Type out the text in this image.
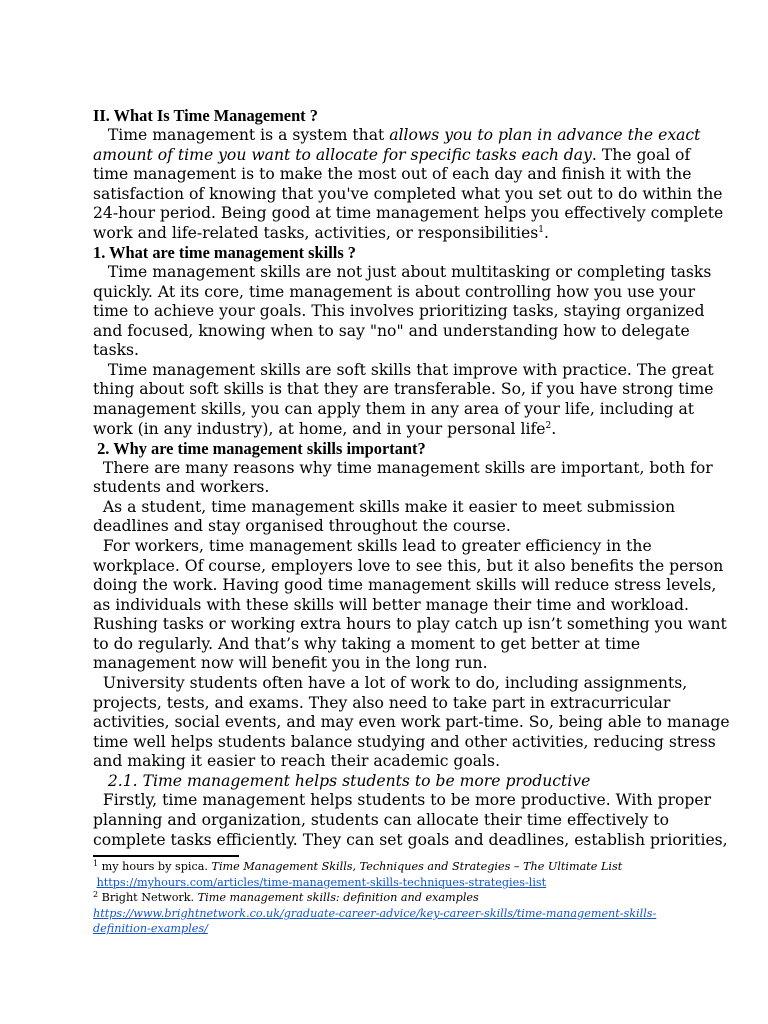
II. What Is Time Management ?
Time management is a system that allows you to plan in advance the exact
amount of time you want to allocate for specific tasks each day. The goal of
time management is to make the most out of each day and finish it with the
satisfaction of knowing that you've completed what you set out to do within the
24-hour period. Being good at time management helps you effectively complete
work and life-related tasks, activities, or responsibilities$^1$.
1. What are time management skills ?
Time management skills are not just about multitasking or completing tasks
quickly. At its core, time management is about controlling how you use your
time to achieve your goals. This involves prioritizing tasks, staying organized
and focused, knowing when to say "no" and understanding how to delegate
tasks.
Time management skills are soft skills that improve with practice. The great
thing about soft skills is that they are transferable. So, if you have strong time
management skills, you can apply them in any area of your life, including at
work (in any industry), at home, and in your personal life$^2$.
2. Why are time management skills important?
There are many reasons why time management skills are important, both for
students and workers.
As a student, time management skills make it easier to meet submission
deadlines and stay organised throughout the course.
For workers, time management skills lead to greater efficiency in the
workplace. Of course, employers love to see this, but it also benefits the person
doing the work. Having good time management skills will reduce stress levels,
as individuals with these skills will better manage their time and workload.
Rushing tasks or working extra hours to play catch up isn’t something you want
to do regularly. And that’s why taking a moment to get better at time
management now will benefit you in the long run.
University students often have a lot of work to do, including assignments,
projects, tests, and exams. They also need to take part in extracurricular
activities, social events, and may even work part-time. So, being able to manage
time well helps students balance studying and other activities, reducing stress
and making it easier to reach their academic goals.
2.1. Time management helps students to be more productive
Firstly, time management helps students to be more productive. With proper
planning and organization, students can allocate their time effectively to
complete tasks efficiently. They can set goals and deadlines, establish priorities,
$^1$ my hours by spica. Time Management Skills, Techniques and Strategies – The Ultimate List
https://myhours.com/articles/time-management-skills-techniques-strategies-list
$^2$ Bright Network. Time management skills: definition and examples
https://www.brightnetwork.co.uk/graduate-career-advice/key-career-skills/time-management-skills-
definition-examples/
